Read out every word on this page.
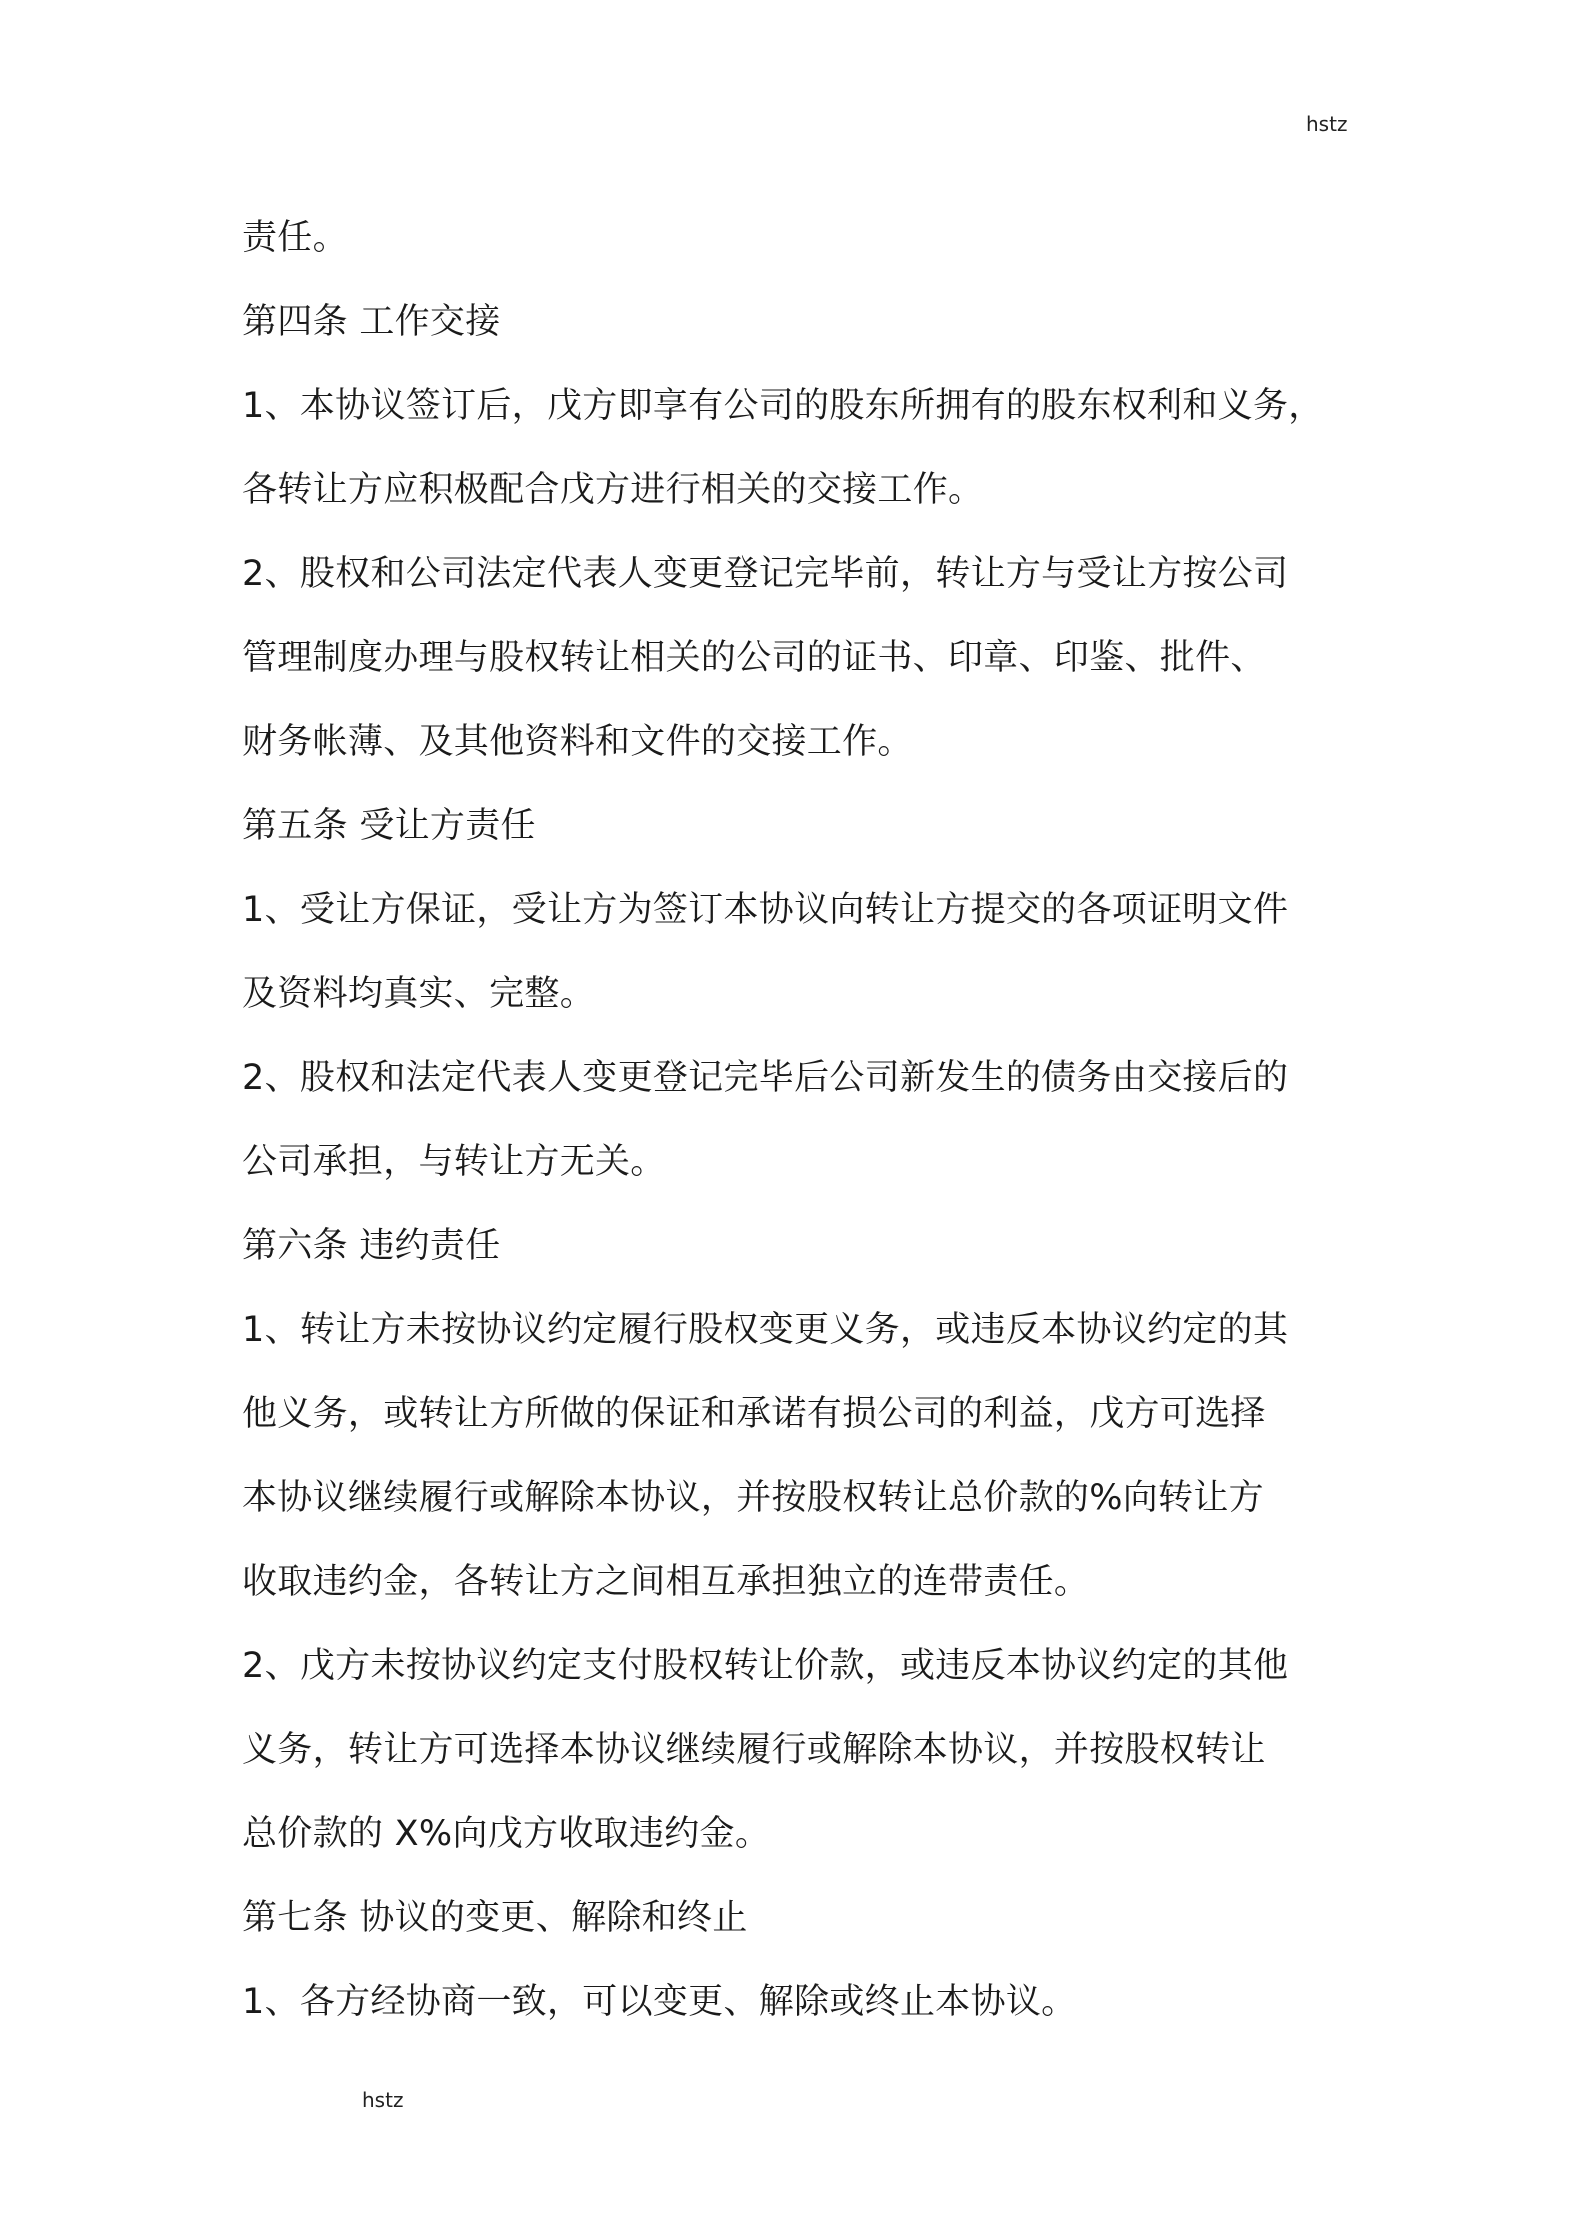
hstz
责任。
第四条 工作交接
1、本协议签订后，戊方即享有公司的股东所拥有的股东权利和义务，
各转让方应积极配合戊方进行相关的交接工作。
2、股权和公司法定代表人变更登记完毕前，转让方与受让方按公司
管理制度办理与股权转让相关的公司的证书、印章、印鉴、批件、
财务帐薄、及其他资料和文件的交接工作。
第五条 受让方责任
1、受让方保证，受让方为签订本协议向转让方提交的各项证明文件
及资料均真实、完整。
2、股权和法定代表人变更登记完毕后公司新发生的债务由交接后的
公司承担，与转让方无关。
第六条 违约责任
1、转让方未按协议约定履行股权变更义务，或违反本协议约定的其
他义务，或转让方所做的保证和承诺有损公司的利益，戊方可选择
本协议继续履行或解除本协议，并按股权转让总价款的%向转让方
收取违约金，各转让方之间相互承担独立的连带责任。
2、戊方未按协议约定支付股权转让价款，或违反本协议约定的其他
义务，转让方可选择本协议继续履行或解除本协议，并按股权转让
总价款的 X%向戊方收取违约金。
第七条 协议的变更、解除和终止
1、各方经协商一致，可以变更、解除或终止本协议。
hstz
